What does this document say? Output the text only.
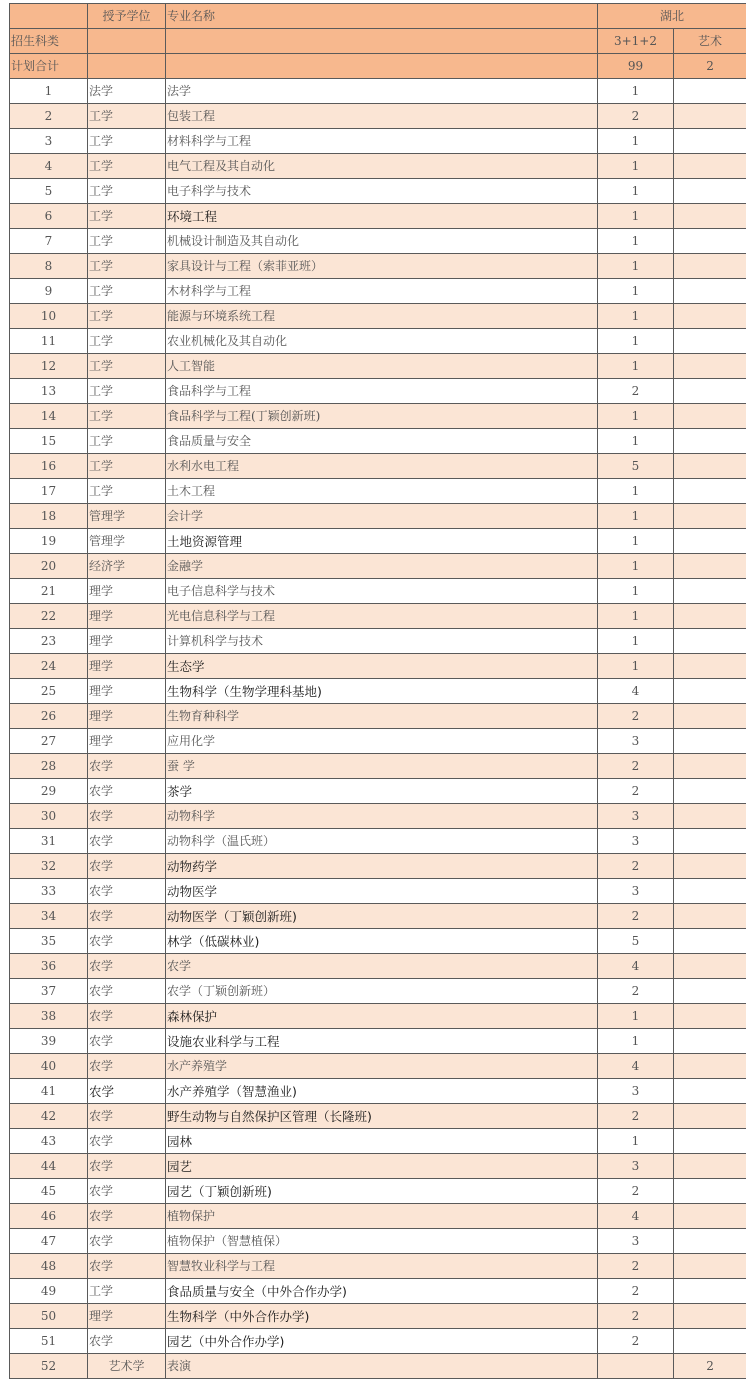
	授予学位	专业名称	湖北	
招生科类			3+1+2	艺术
计划合计			99	2
1	法学	法学	1	
2	工学	包装工程	2	
3	工学	材料科学与工程	1	
4	工学	电气工程及其自动化	1	
5	工学	电子科学与技术	1	
6	工学	环境工程	1	
7	工学	机械设计制造及其自动化	1	
8	工学	家具设计与工程（索菲亚班）	1	
9	工学	木材科学与工程	1	
10	工学	能源与环境系统工程	1	
11	工学	农业机械化及其自动化	1	
12	工学	人工智能	1	
13	工学	食品科学与工程	2	
14	工学	食品科学与工程(丁颖创新班)	1	
15	工学	食品质量与安全	1	
16	工学	水利水电工程	5	
17	工学	土木工程	1	
18	管理学	会计学	1	
19	管理学	土地资源管理	1	
20	经济学	金融学	1	
21	理学	电子信息科学与技术	1	
22	理学	光电信息科学与工程	1	
23	理学	计算机科学与技术	1	
24	理学	生态学	1	
25	理学	生物科学（生物学理科基地)	4	
26	理学	生物育种科学	2	
27	理学	应用化学	3	
28	农学	蚕 学	2	
29	农学	茶学	2	
30	农学	动物科学	3	
31	农学	动物科学（温氏班）	3	
32	农学	动物药学	2	
33	农学	动物医学	3	
34	农学	动物医学（丁颖创新班)	2	
35	农学	林学（低碳林业)	5	
36	农学	农学	4	
37	农学	农学（丁颖创新班）	2	
38	农学	森林保护	1	
39	农学	设施农业科学与工程	1	
40	农学	水产养殖学	4	
41	农学	水产养殖学（智慧渔业)	3	
42	农学	野生动物与自然保护区管理（长隆班)	2	
43	农学	园林	1	
44	农学	园艺	3	
45	农学	园艺（丁颖创新班)	2	
46	农学	植物保护	4	
47	农学	植物保护（智慧植保）	3	
48	农学	智慧牧业科学与工程	2	
49	工学	食品质量与安全（中外合作办学)	2	
50	理学	生物科学（中外合作办学)	2	
51	农学	园艺（中外合作办学)	2	
52	艺术学	表演		2
